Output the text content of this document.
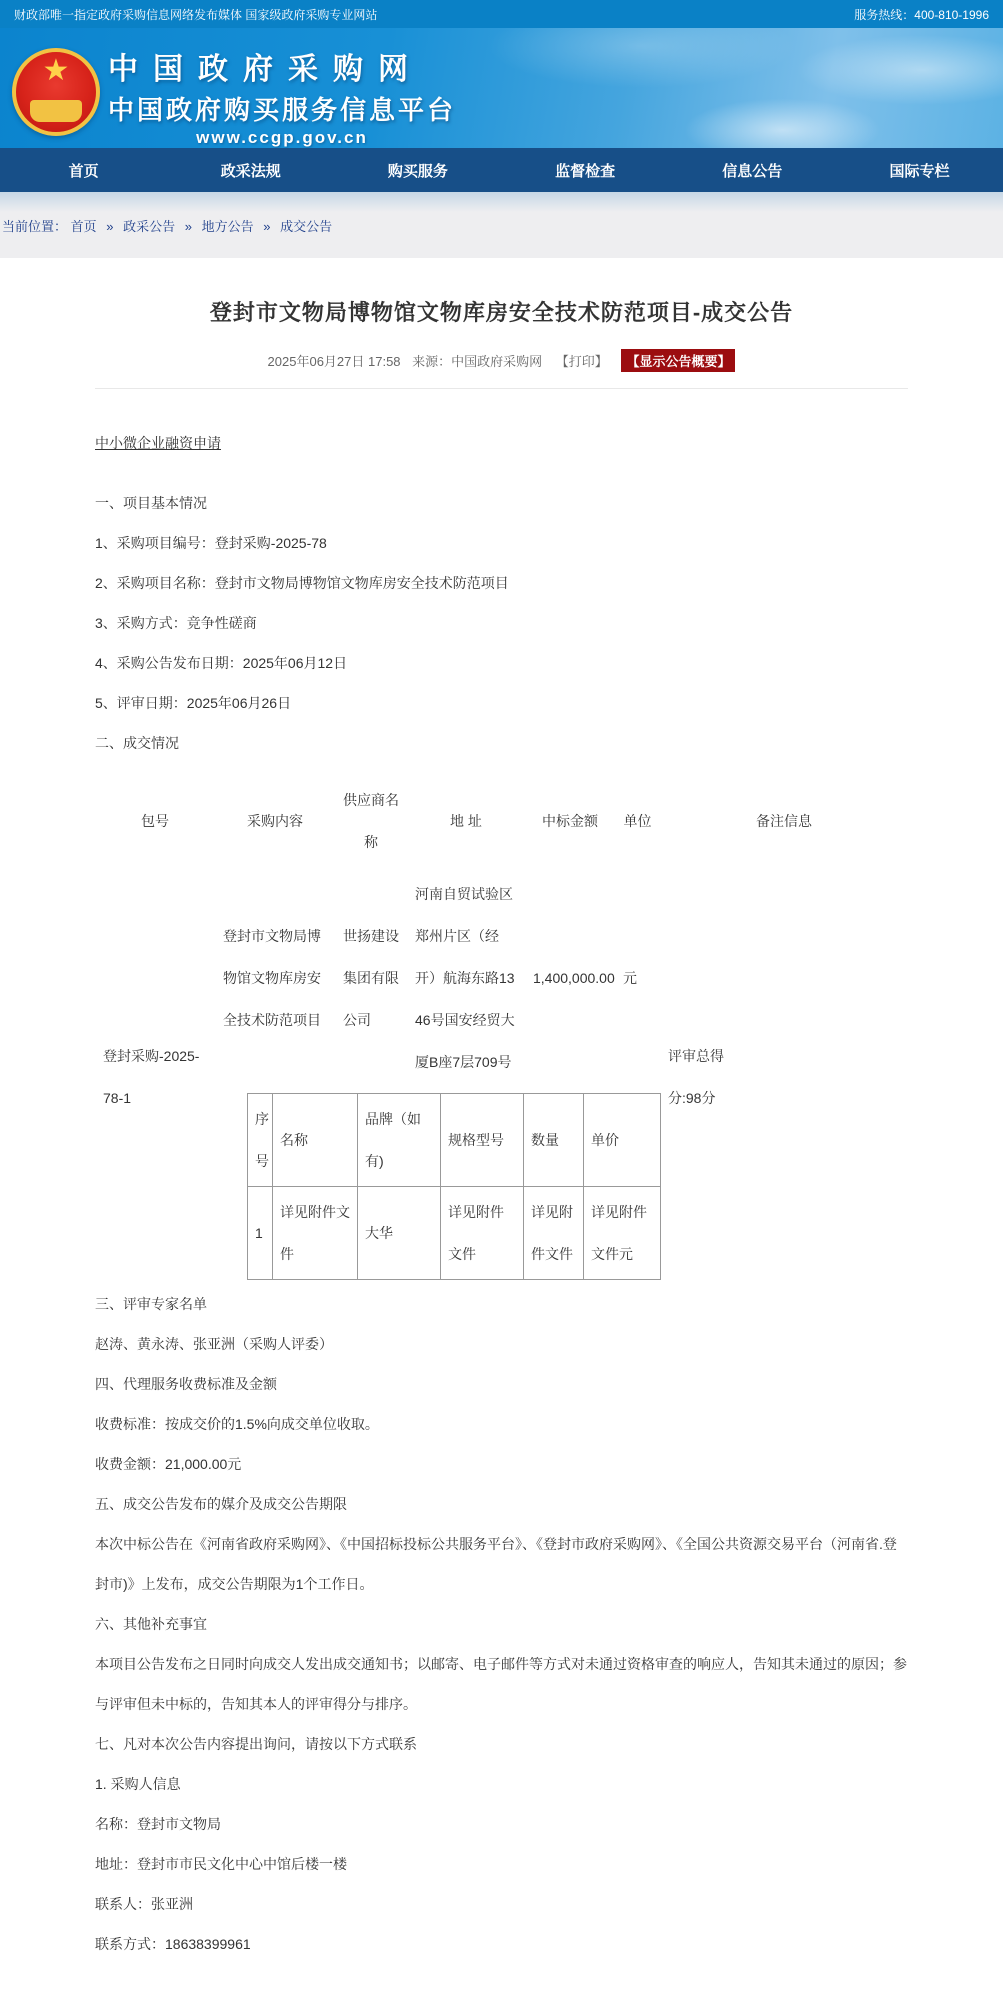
财政部唯一指定政府采购信息网络发布媒体 国家级政府采购专业网站	服务热线：400-810-1996
★
中国政府采购网
中国政府购买服务信息平台
www.ccgp.gov.cn
首页	政采法规	购买服务	监督检查	信息公告	国际专栏
当前位置： 首页 » 政采公告 » 地方公告 » 成交公告
登封市文物局博物馆文物库房安全技术防范项目-成交公告
2025年06月27日 17:58 来源：中国政府采购网 【打印】 【显示公告概要】
中小微企业融资申请

一、项目基本情况

1、采购项目编号：登封采购-2025-78

2、采购项目名称：登封市文物局博物馆文物库房安全技术防范项目

3、采购方式：竞争性磋商

4、采购公告发布日期：2025年06月12日

5、评审日期：2025年06月26日

二、成交情况

包号	采购内容	供应商名称	地 址	中标金额	单位	备注信息
登封采购-2025-78-1	登封市文物局博物馆文物库房安全技术防范项目	世扬建设集团有限公司	河南自贸试验区郑州片区（经开）航海东路1346号国安经贸大厦B座7层709号	1,400,000.00	元	评审总得分:98分

序号	名称	品牌（如有)	规格型号	数量	单价
1	详见附件文件	大华	详见附件文件	详见附件文件	详见附件文件元

三、评审专家名单

赵涛、黄永涛、张亚洲（采购人评委）

四、代理服务收费标准及金额

收费标准：按成交价的1.5%向成交单位收取。

收费金额：21,000.00元

五、成交公告发布的媒介及成交公告期限

本次中标公告在《河南省政府采购网》、《中国招标投标公共服务平台》、《登封市政府采购网》、《全国公共资源交易平台（河南省.登封市)》上发布，成交公告期限为1个工作日。

六、其他补充事宜

本项目公告发布之日同时向成交人发出成交通知书；以邮寄、电子邮件等方式对未通过资格审查的响应人，告知其未通过的原因；参与评审但未中标的，告知其本人的评审得分与排序。

七、凡对本次公告内容提出询问，请按以下方式联系

1. 采购人信息

名称：登封市文物局

地址：登封市市民文化中心中馆后楼一楼

联系人：张亚洲

联系方式：18638399961
